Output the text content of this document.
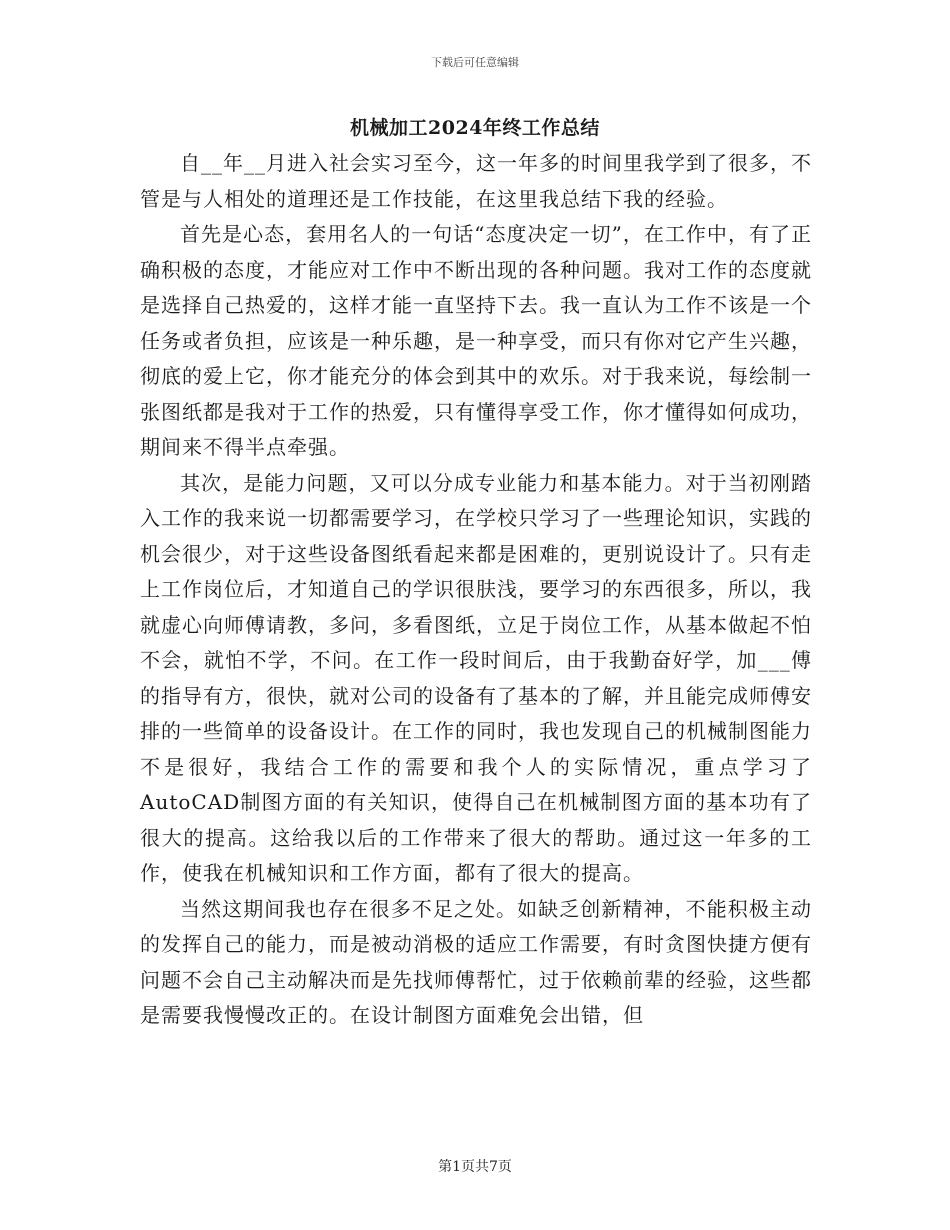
下载后可任意编辑
机械加工2024年终工作总结

自__年__月进入社会实习至今，这一年多的时间里我学到了很多，不管是与人相处的道理还是工作技能，在这里我总结下我的经验。

首先是心态，套用名人的一句话“态度决定一切”，在工作中，有了正确积极的态度，才能应对工作中不断出现的各种问题。我对工作的态度就是选择自己热爱的，这样才能一直坚持下去。我一直认为工作不该是一个任务或者负担，应该是一种乐趣，是一种享受，而只有你对它产生兴趣，彻底的爱上它，你才能充分的体会到其中的欢乐。对于我来说，每绘制一张图纸都是我对于工作的热爱，只有懂得享受工作，你才懂得如何成功，期间来不得半点牵强。

其次，是能力问题，又可以分成专业能力和基本能力。对于当初刚踏入工作的我来说一切都需要学习，在学校只学习了一些理论知识，实践的机会很少，对于这些设备图纸看起来都是困难的，更别说设计了。只有走上工作岗位后，才知道自己的学识很肤浅，要学习的东西很多，所以，我就虚心向师傅请教，多问，多看图纸，立足于岗位工作，从基本做起不怕不会，就怕不学，不问。在工作一段时间后，由于我勤奋好学，加___傅的指导有方，很快，就对公司的设备有了基本的了解，并且能完成师傅安排的一些简单的设备设计。在工作的同时，我也发现自己的机械制图能力不是很好，我结合工作的需要和我个人的实际情况，重点学习了AutoCAD制图方面的有关知识，使得自己在机械制图方面的基本功有了很大的提高。这给我以后的工作带来了很大的帮助。通过这一年多的工作，使我在机械知识和工作方面，都有了很大的提高。

当然这期间我也存在很多不足之处。如缺乏创新精神，不能积极主动的发挥自己的能力，而是被动消极的适应工作需要，有时贪图快捷方便有问题不会自己主动解决而是先找师傅帮忙，过于依赖前辈的经验，这些都是需要我慢慢改正的。在设计制图方面难免会出错，但

第1页共7页
